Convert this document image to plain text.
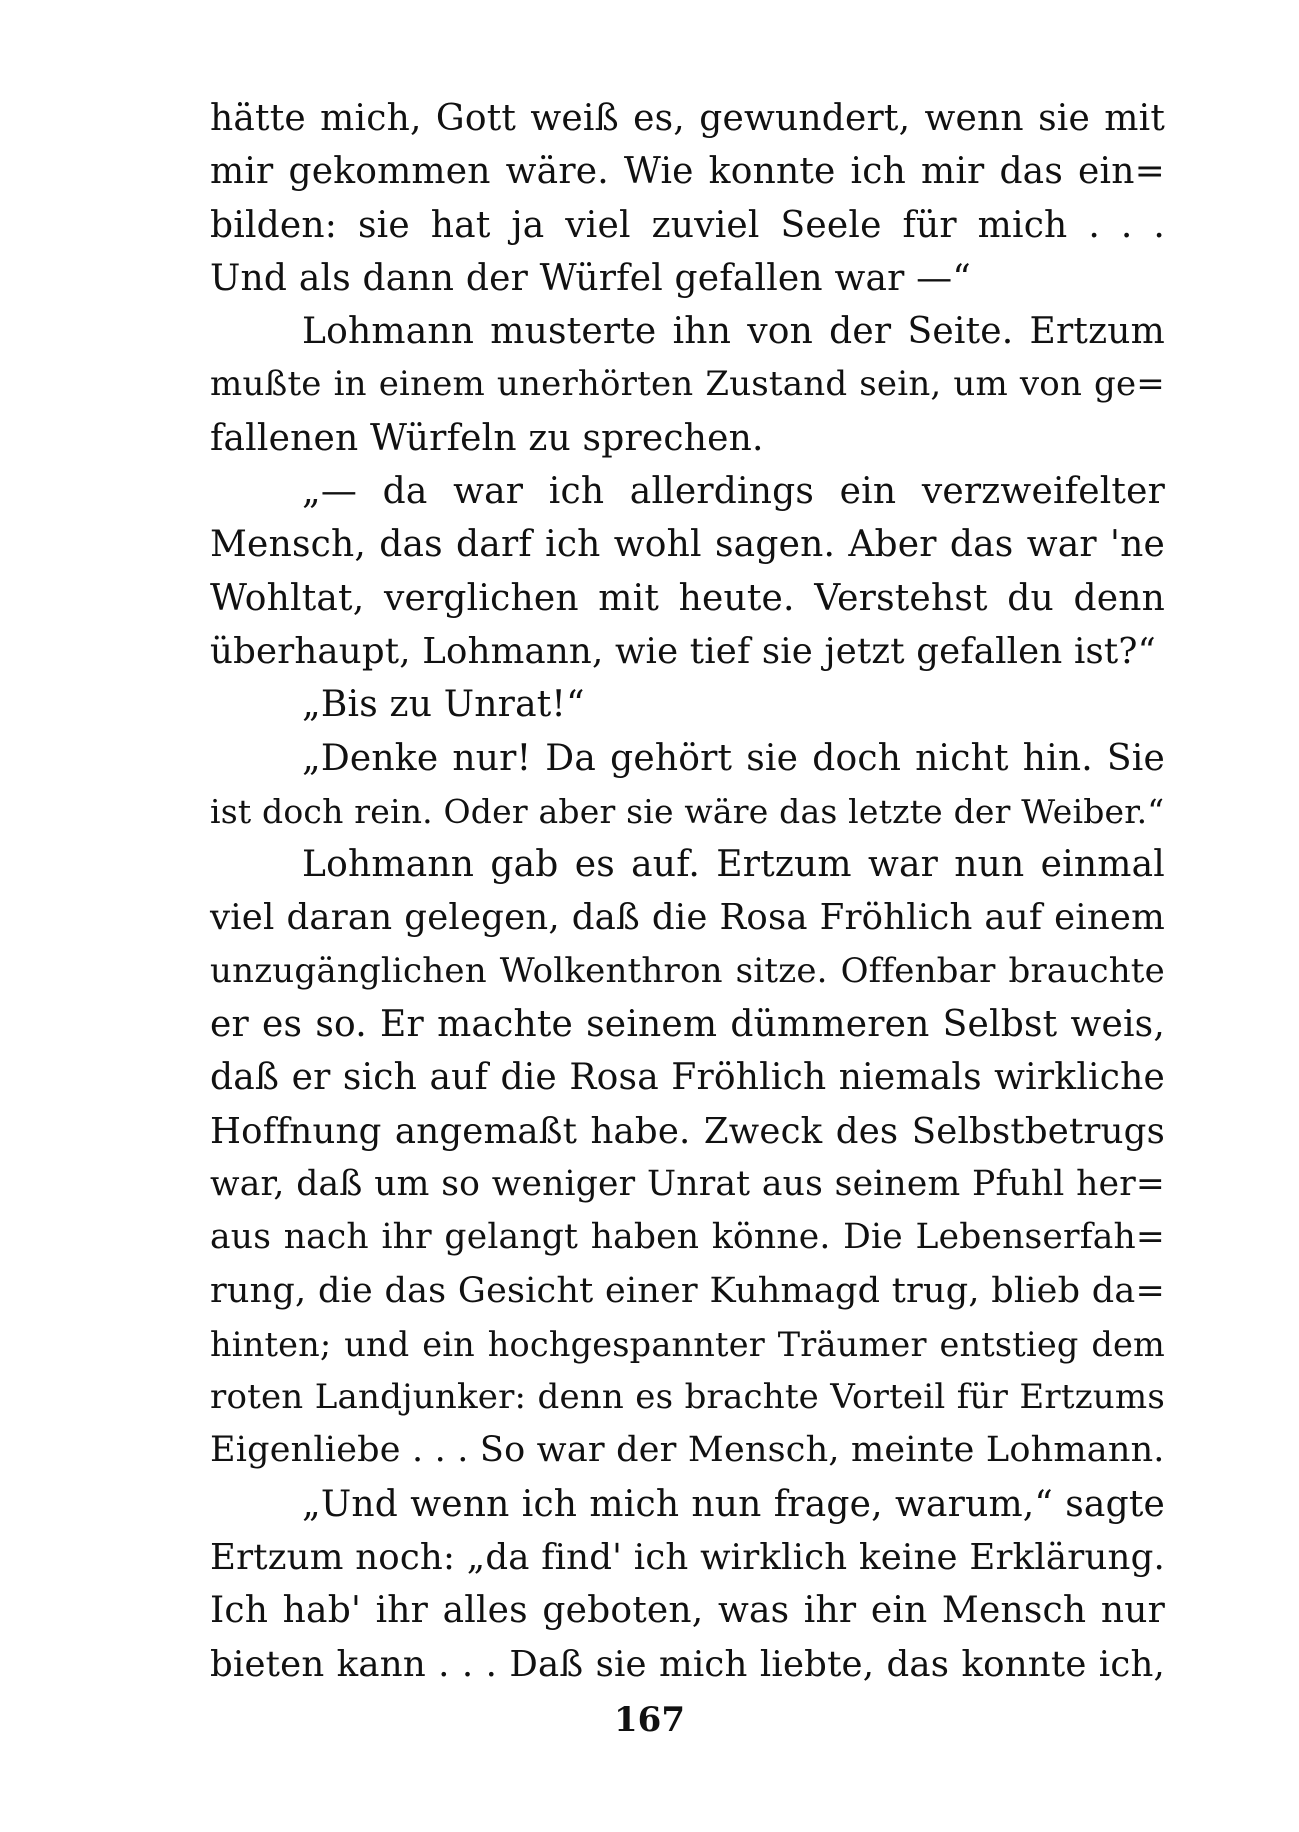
hätte mich, Gott weiß es, gewundert, wenn sie mit
mir gekommen wäre. Wie konnte ich mir das ein=
bilden: sie hat ja viel zuviel Seele für mich . . .
Und als dann der Würfel gefallen war —“
Lohmann musterte ihn von der Seite. Ertzum
mußte in einem unerhörten Zustand sein, um von ge=
fallenen Würfeln zu sprechen.
„— da war ich allerdings ein verzweifelter
Mensch, das darf ich wohl sagen. Aber das war 'ne
Wohltat, verglichen mit heute. Verstehst du denn
überhaupt, Lohmann, wie tief sie jetzt gefallen ist?“
„Bis zu Unrat!“
„Denke nur! Da gehört sie doch nicht hin. Sie
ist doch rein. Oder aber sie wäre das letzte der Weiber.“
Lohmann gab es auf. Ertzum war nun einmal
viel daran gelegen, daß die Rosa Fröhlich auf einem
unzugänglichen Wolkenthron sitze. Offenbar brauchte
er es so. Er machte seinem dümmeren Selbst weis,
daß er sich auf die Rosa Fröhlich niemals wirkliche
Hoffnung angemaßt habe. Zweck des Selbstbetrugs
war, daß um so weniger Unrat aus seinem Pfuhl her=
aus nach ihr gelangt haben könne. Die Lebenserfah=
rung, die das Gesicht einer Kuhmagd trug, blieb da=
hinten; und ein hochgespannter Träumer entstieg dem
roten Landjunker: denn es brachte Vorteil für Ertzums
Eigenliebe . . . So war der Mensch, meinte Lohmann.
„Und wenn ich mich nun frage, warum,“ sagte
Ertzum noch: „da find' ich wirklich keine Erklärung.
Ich hab' ihr alles geboten, was ihr ein Mensch nur
bieten kann . . . Daß sie mich liebte, das konnte ich,
167
